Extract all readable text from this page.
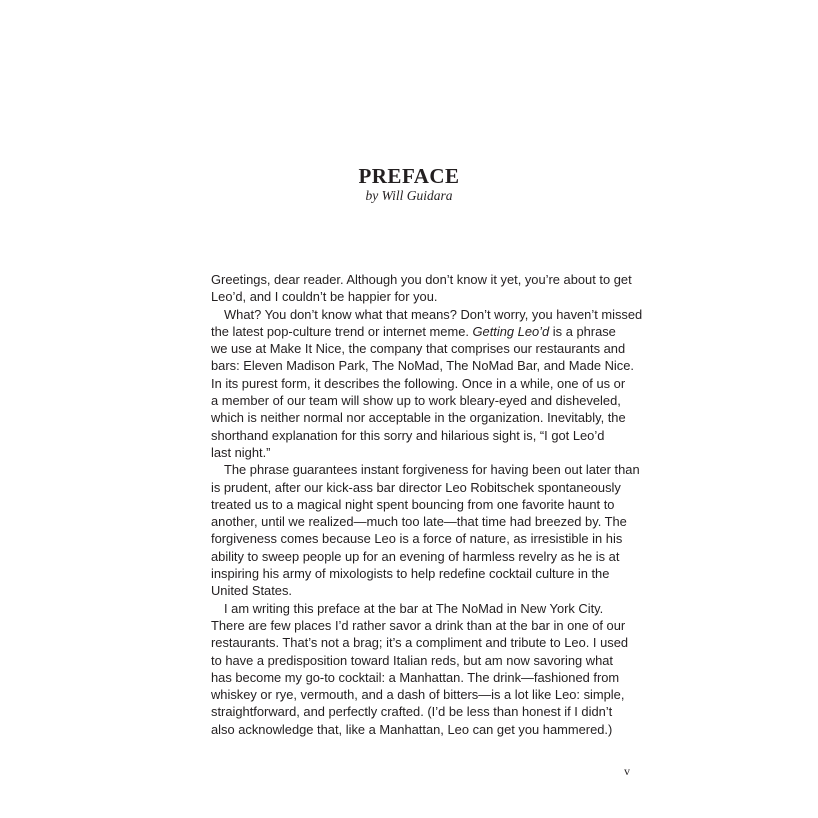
PREFACE

by Will Guidara

Greetings, dear reader. Although you don’t know it yet, you’re about to get
Leo’d, and I couldn’t be happier for you.
What? You don’t know what that means? Don’t worry, you haven’t missed
the latest pop-culture trend or internet meme. Getting Leo’d is a phrase
we use at Make It Nice, the company that comprises our restaurants and
bars: Eleven Madison Park, The NoMad, The NoMad Bar, and Made Nice.
In its purest form, it describes the following. Once in a while, one of us or
a member of our team will show up to work bleary-eyed and disheveled,
which is neither normal nor acceptable in the organization. Inevitably, the
shorthand explanation for this sorry and hilarious sight is, “I got Leo’d
last night.”
The phrase guarantees instant forgiveness for having been out later than
is prudent, after our kick-ass bar director Leo Robitschek spontaneously
treated us to a magical night spent bouncing from one favorite haunt to
another, until we realized—much too late—that time had breezed by. The
forgiveness comes because Leo is a force of nature, as irresistible in his
ability to sweep people up for an evening of harmless revelry as he is at
inspiring his army of mixologists to help redefine cocktail culture in the
United States.
I am writing this preface at the bar at The NoMad in New York City.
There are few places I’d rather savor a drink than at the bar in one of our
restaurants. That’s not a brag; it’s a compliment and tribute to Leo. I used
to have a predisposition toward Italian reds, but am now savoring what
has become my go-to cocktail: a Manhattan. The drink—fashioned from
whiskey or rye, vermouth, and a dash of bitters—is a lot like Leo: simple,
straightforward, and perfectly crafted. (I’d be less than honest if I didn’t
also acknowledge that, like a Manhattan, Leo can get you hammered.)
v
